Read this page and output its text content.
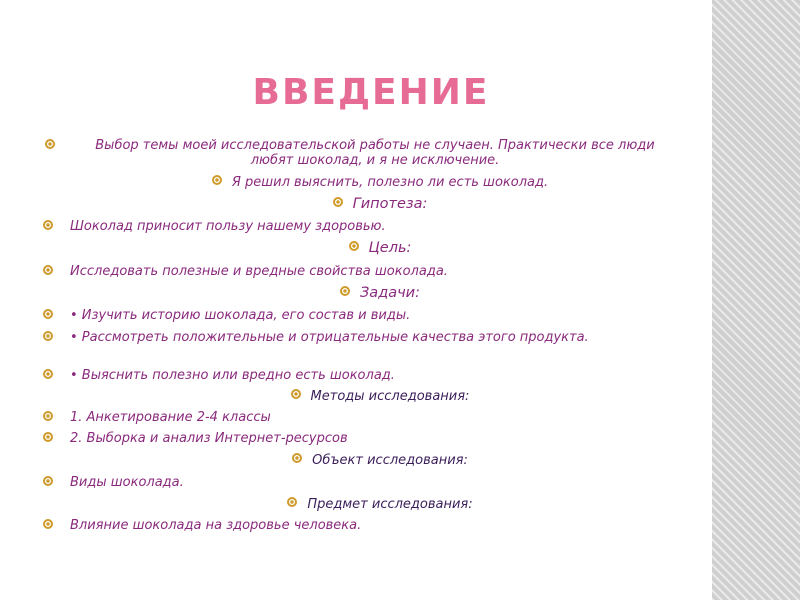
ВВЕДЕНИЕ
Выбор темы моей исследовательской работы не случаен. Практически все люди любят шоколад, и я не исключение.
Я решил выяснить, полезно ли есть шоколад.
Гипотеза:
Шоколад приносит пользу нашему здоровью.
Цель:
Исследовать полезные и вредные свойства шоколада.
Задачи:
• Изучить историю шоколада, его состав и виды.
• Рассмотреть положительные и отрицательные качества этого продукта.
• Выяснить полезно или вредно есть шоколад.
Методы исследования:
1. Анкетирование 2-4 классы
2. Выборка и анализ Интернет-ресурсов
Объект исследования:
Виды шоколада.
Предмет исследования:
Влияние шоколада на здоровье человека.
